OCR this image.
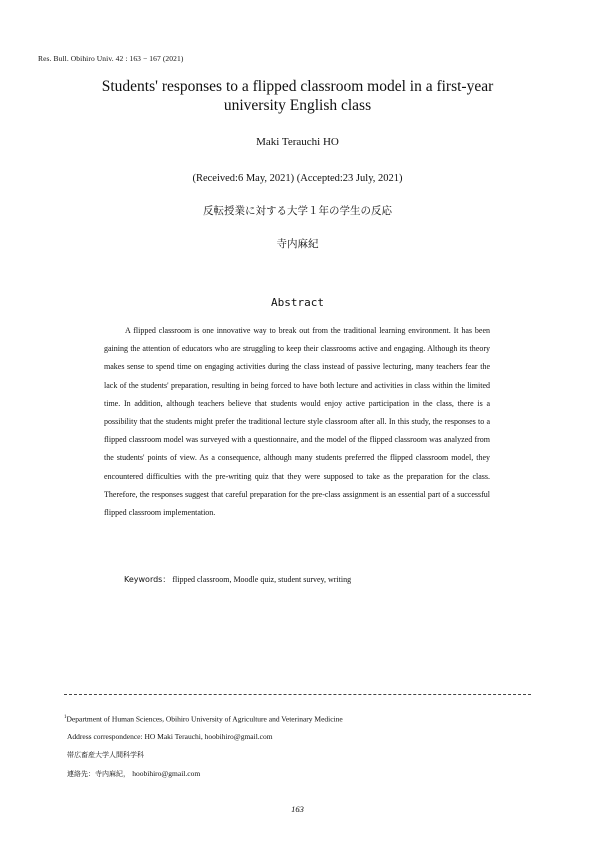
Res. Bull. Obihiro Univ. 42 : 163 − 167 (2021)
Students' responses to a flipped classroom model in a first-year
university English class
Maki Terauchi HO
(Received:6 May, 2021) (Accepted:23 July, 2021)
反転授業に対する大学１年の学生の反応
寺内麻紀
Abstract
A flipped classroom is one innovative way to break out from the traditional learning environment. It has been gaining the attention of educators who are struggling to keep their classrooms active and engaging. Although its theory makes sense to spend time on engaging activities during the class instead of passive lecturing, many teachers fear the lack of the students' preparation, resulting in being forced to have both lecture and activities in class within the limited time. In addition, although teachers believe that students would enjoy active participation in the class, there is a possibility that the students might prefer the traditional lecture style classroom after all. In this study, the responses to a flipped classroom model was surveyed with a questionnaire, and the model of the flipped classroom was analyzed from the students' points of view. As a consequence, although many students preferred the flipped classroom model, they encountered difficulties with the pre-writing quiz that they were supposed to take as the preparation for the class. Therefore, the responses suggest that careful preparation for the pre-class assignment is an essential part of a successful flipped classroom implementation.
Keywords： flipped classroom, Moodle quiz, student survey, writing
$^1$Department of Human Sciences, Obihiro University of Agriculture and Veterinary Medicine
Address correspondence: HO Maki Terauchi, hoobihiro@gmail.com
帯広畜産大学人間科学科
連絡先：寺内麻紀， hoobihiro@gmail.com
163
